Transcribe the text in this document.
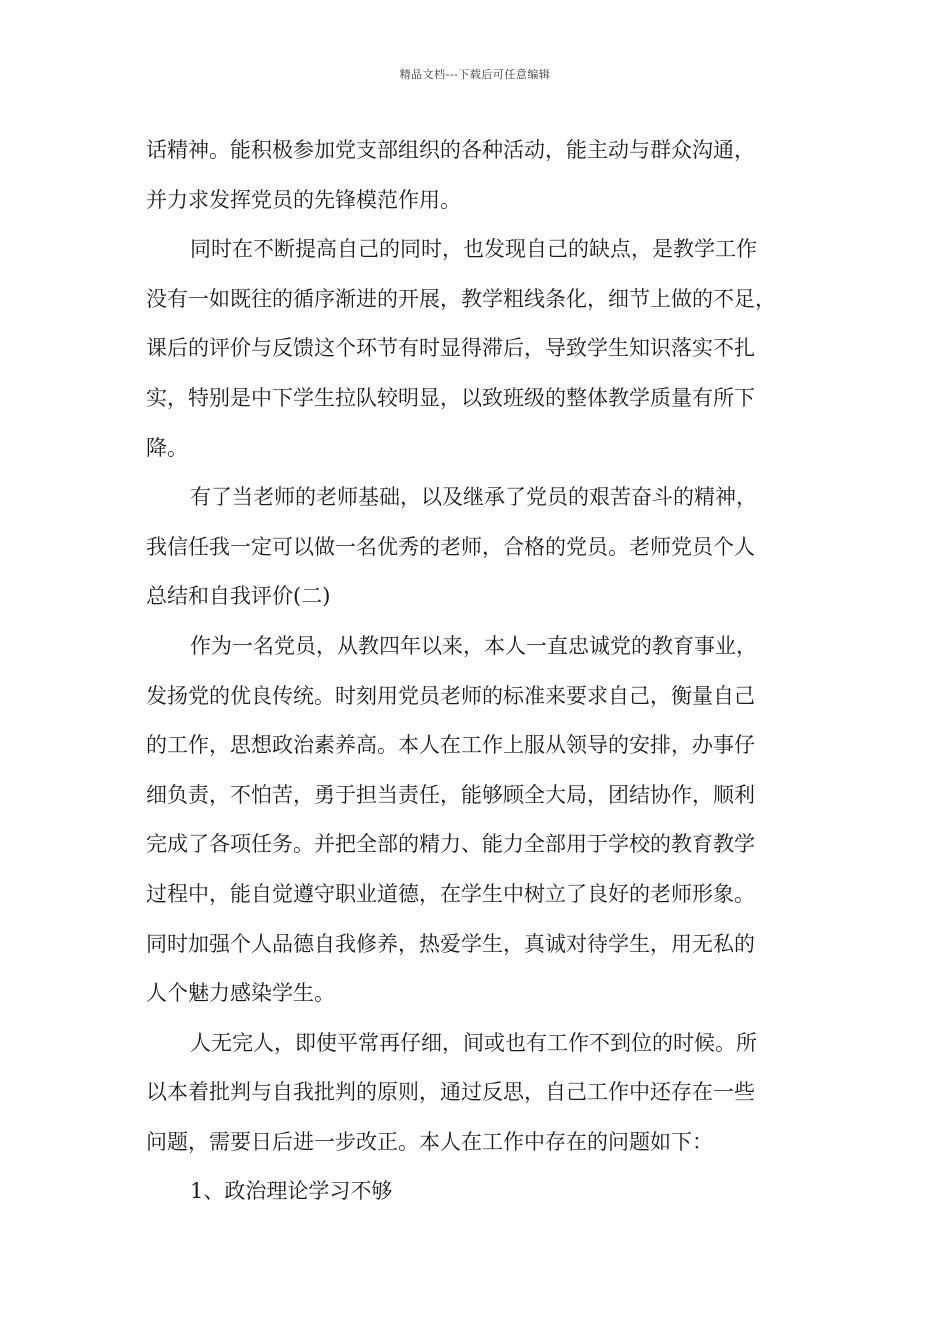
精品文档---下载后可任意编辑
话精神。能积极参加党支部组织的各种活动，能主动与群众沟通，
并力求发挥党员的先锋模范作用。
同时在不断提高自己的同时，也发现自己的缺点，是教学工作
没有一如既往的循序渐进的开展，教学粗线条化，细节上做的不足，
课后的评价与反馈这个环节有时显得滞后，导致学生知识落实不扎
实，特别是中下学生拉队较明显，以致班级的整体教学质量有所下
降。
有了当老师的老师基础，以及继承了党员的艰苦奋斗的精神，
我信任我一定可以做一名优秀的老师，合格的党员。老师党员个人
总结和自我评价(二)
作为一名党员，从教四年以来，本人一直忠诚党的教育事业，
发扬党的优良传统。时刻用党员老师的标准来要求自己，衡量自己
的工作，思想政治素养高。本人在工作上服从领导的安排，办事仔
细负责，不怕苦，勇于担当责任，能够顾全大局，团结协作，顺利
完成了各项任务。并把全部的精力、能力全部用于学校的教育教学
过程中，能自觉遵守职业道德，在学生中树立了良好的老师形象。
同时加强个人品德自我修养，热爱学生，真诚对待学生，用无私的
人个魅力感染学生。
人无完人，即使平常再仔细，间或也有工作不到位的时候。所
以本着批判与自我批判的原则，通过反思，自己工作中还存在一些
问题，需要日后进一步改正。本人在工作中存在的问题如下：
1、政治理论学习不够
